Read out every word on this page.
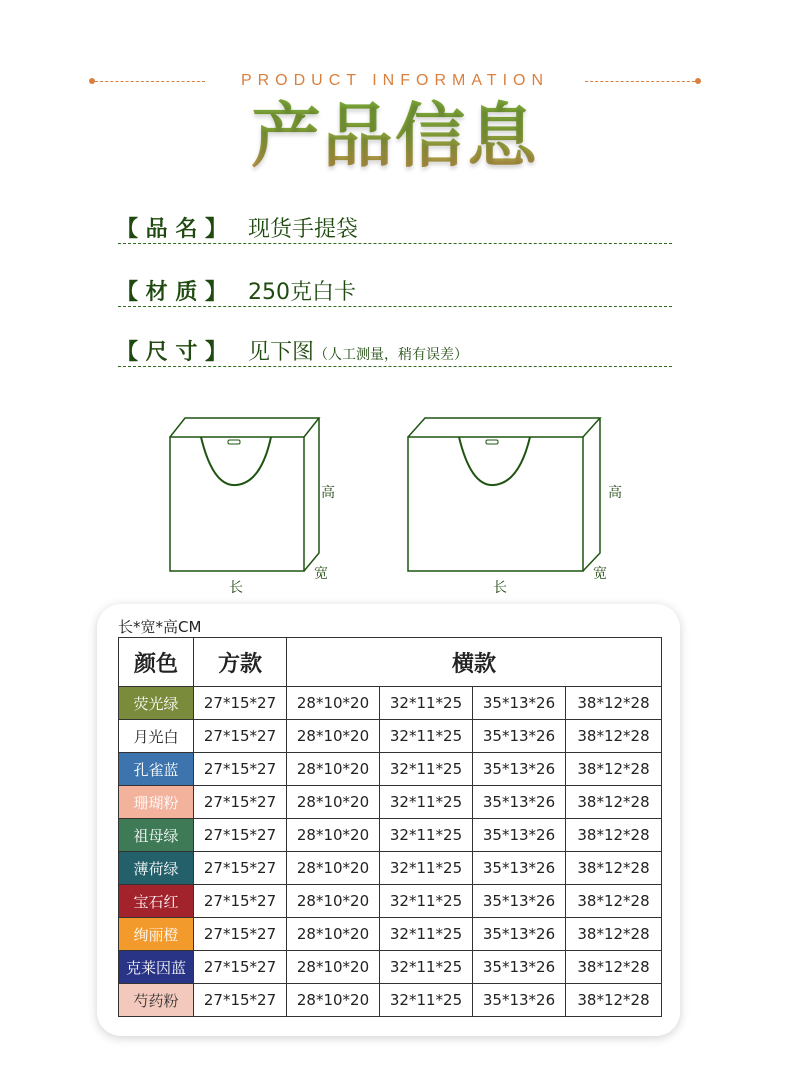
PRODUCT INFORMATION
产品信息
【 品 名 】 现货手提袋
【 材 质 】 250克白卡
【 尺 寸 】 见下图（人工测量，稍有误差）
高
宽
长
高
宽
长
长*宽*高CM
颜色	方款	横款			
荧光绿	27*15*27	28*10*20	32*11*25	35*13*26	38*12*28
月光白	27*15*27	28*10*20	32*11*25	35*13*26	38*12*28
孔雀蓝	27*15*27	28*10*20	32*11*25	35*13*26	38*12*28
珊瑚粉	27*15*27	28*10*20	32*11*25	35*13*26	38*12*28
祖母绿	27*15*27	28*10*20	32*11*25	35*13*26	38*12*28
薄荷绿	27*15*27	28*10*20	32*11*25	35*13*26	38*12*28
宝石红	27*15*27	28*10*20	32*11*25	35*13*26	38*12*28
绚丽橙	27*15*27	28*10*20	32*11*25	35*13*26	38*12*28
克莱因蓝	27*15*27	28*10*20	32*11*25	35*13*26	38*12*28
芍药粉	27*15*27	28*10*20	32*11*25	35*13*26	38*12*28
